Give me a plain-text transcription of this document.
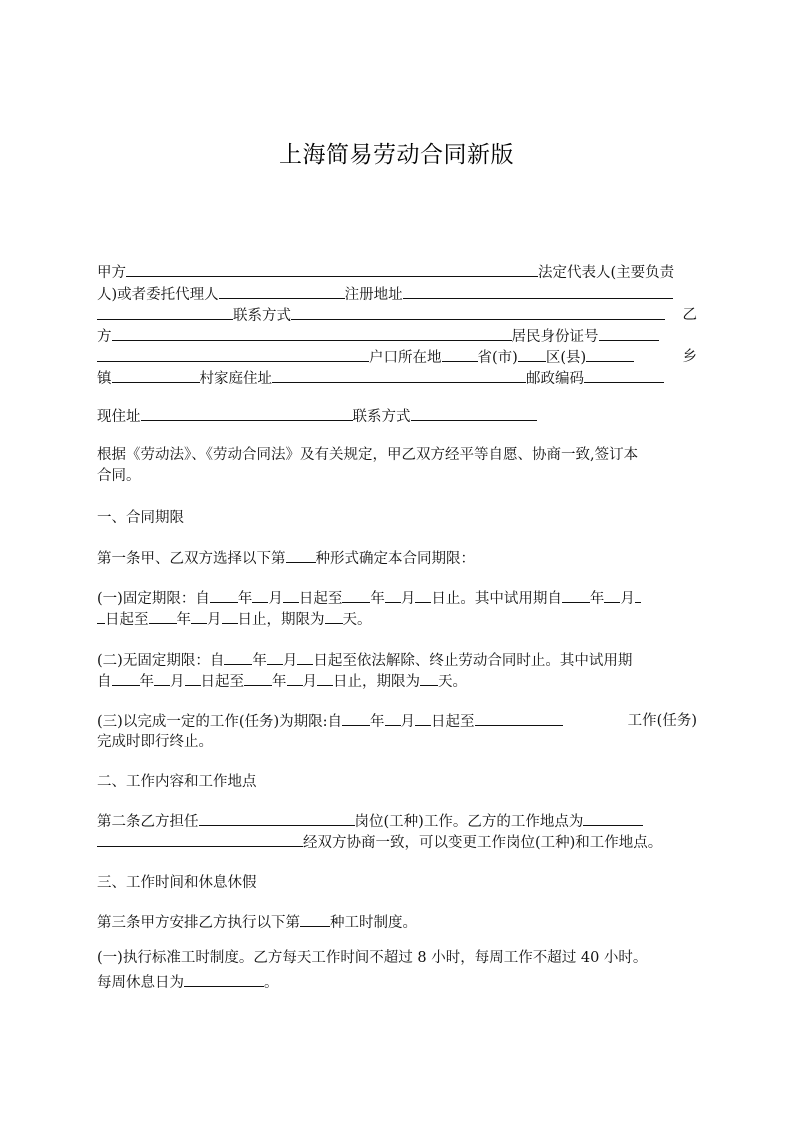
上海简易劳动合同新版
甲方	法定代表人(主要负责
人)或者委托代理人	注册地址
联系方式	乙
方	居民身份证号
户口所在地 省(市) 区(县)	乡
镇	村家庭住址	邮政编码
现住址	联系方式
根据《劳动法》、《劳动合同法》及有关规定，甲乙双方经平等自愿、协商一致,签订本
合同。
一、合同期限
第一条甲、乙双方选择以下第 种形式确定本合同期限：
(一)固定期限：自 年 月 日起至 年 月 日止。其中试用期自 年 月
日起至 年 月 日止，期限为 天。
(二)无固定期限：自 年 月 日起至依法解除、终止劳动合同时止。其中试用期
自 年 月 日起至 年 月 日止，期限为 天。
(三)以完成一定的工作(任务)为期限:自 年 月 日起至	工作(任务)
完成时即行终止。
二、工作内容和工作地点
第二条乙方担任	岗位(工种)工作。乙方的工作地点为
经双方协商一致，可以变更工作岗位(工种)和工作地点。
三、工作时间和休息休假
第三条甲方安排乙方执行以下第 种工时制度。
(一)执行标准工时制度。乙方每天工作时间不超过 8 小时，每周工作不超过 40 小时。
每周休息日为	。
